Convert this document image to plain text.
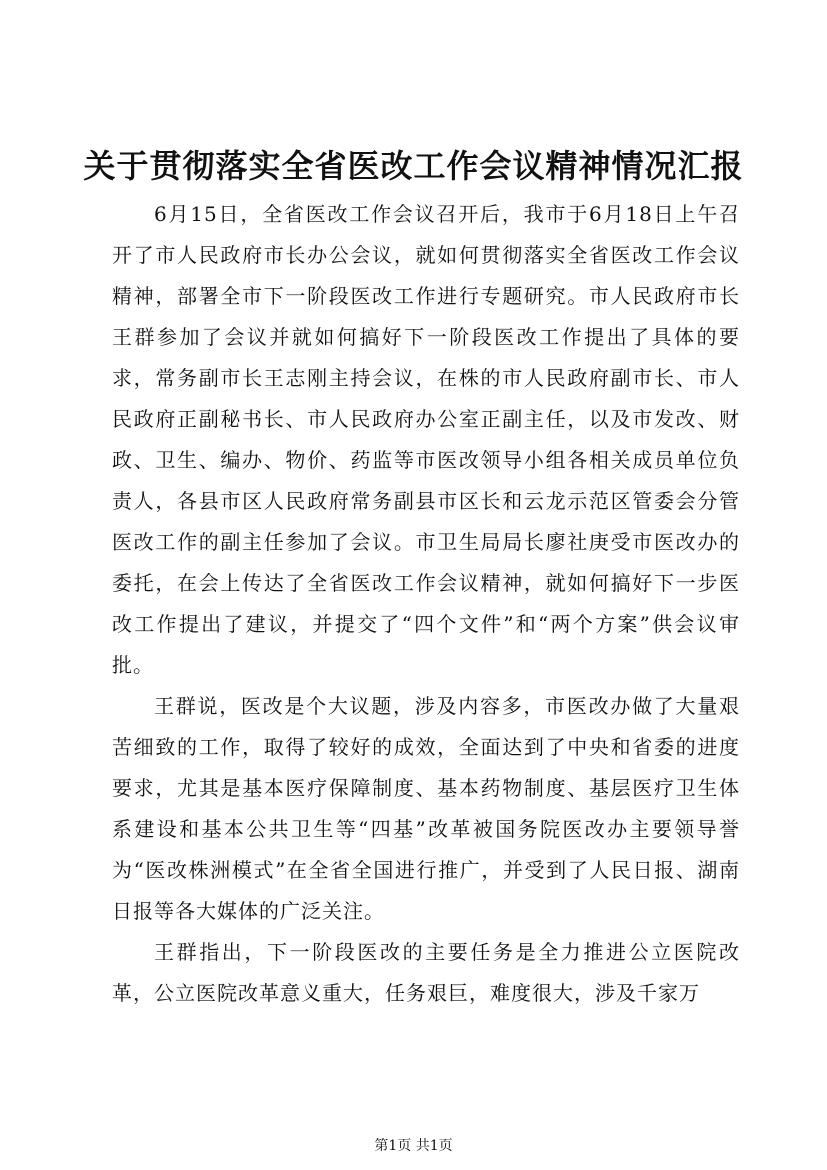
关于贯彻落实全省医改工作会议精神情况汇报

6月15日，全省医改工作会议召开后，我市于6月18日上午召开了市人民政府市长办公会议，就如何贯彻落实全省医改工作会议精神，部署全市下一阶段医改工作进行专题研究。市人民政府市长王群参加了会议并就如何搞好下一阶段医改工作提出了具体的要求，常务副市长王志刚主持会议，在株的市人民政府副市长、市人民政府正副秘书长、市人民政府办公室正副主任，以及市发改、财政、卫生、编办、物价、药监等市医改领导小组各相关成员单位负责人，各县市区人民政府常务副县市区长和云龙示范区管委会分管医改工作的副主任参加了会议。市卫生局局长廖社庚受市医改办的委托，在会上传达了全省医改工作会议精神，就如何搞好下一步医改工作提出了建议，并提交了“四个文件”和“两个方案”供会议审批。

王群说，医改是个大议题，涉及内容多，市医改办做了大量艰苦细致的工作，取得了较好的成效，全面达到了中央和省委的进度要求，尤其是基本医疗保障制度、基本药物制度、基层医疗卫生体系建设和基本公共卫生等“四基”改革被国务院医改办主要领导誉为“医改株洲模式”在全省全国进行推广，并受到了人民日报、湖南日报等各大媒体的广泛关注。

王群指出，下一阶段医改的主要任务是全力推进公立医院改革，公立医院改革意义重大，任务艰巨，难度很大，涉及千家万

第1页 共1页
